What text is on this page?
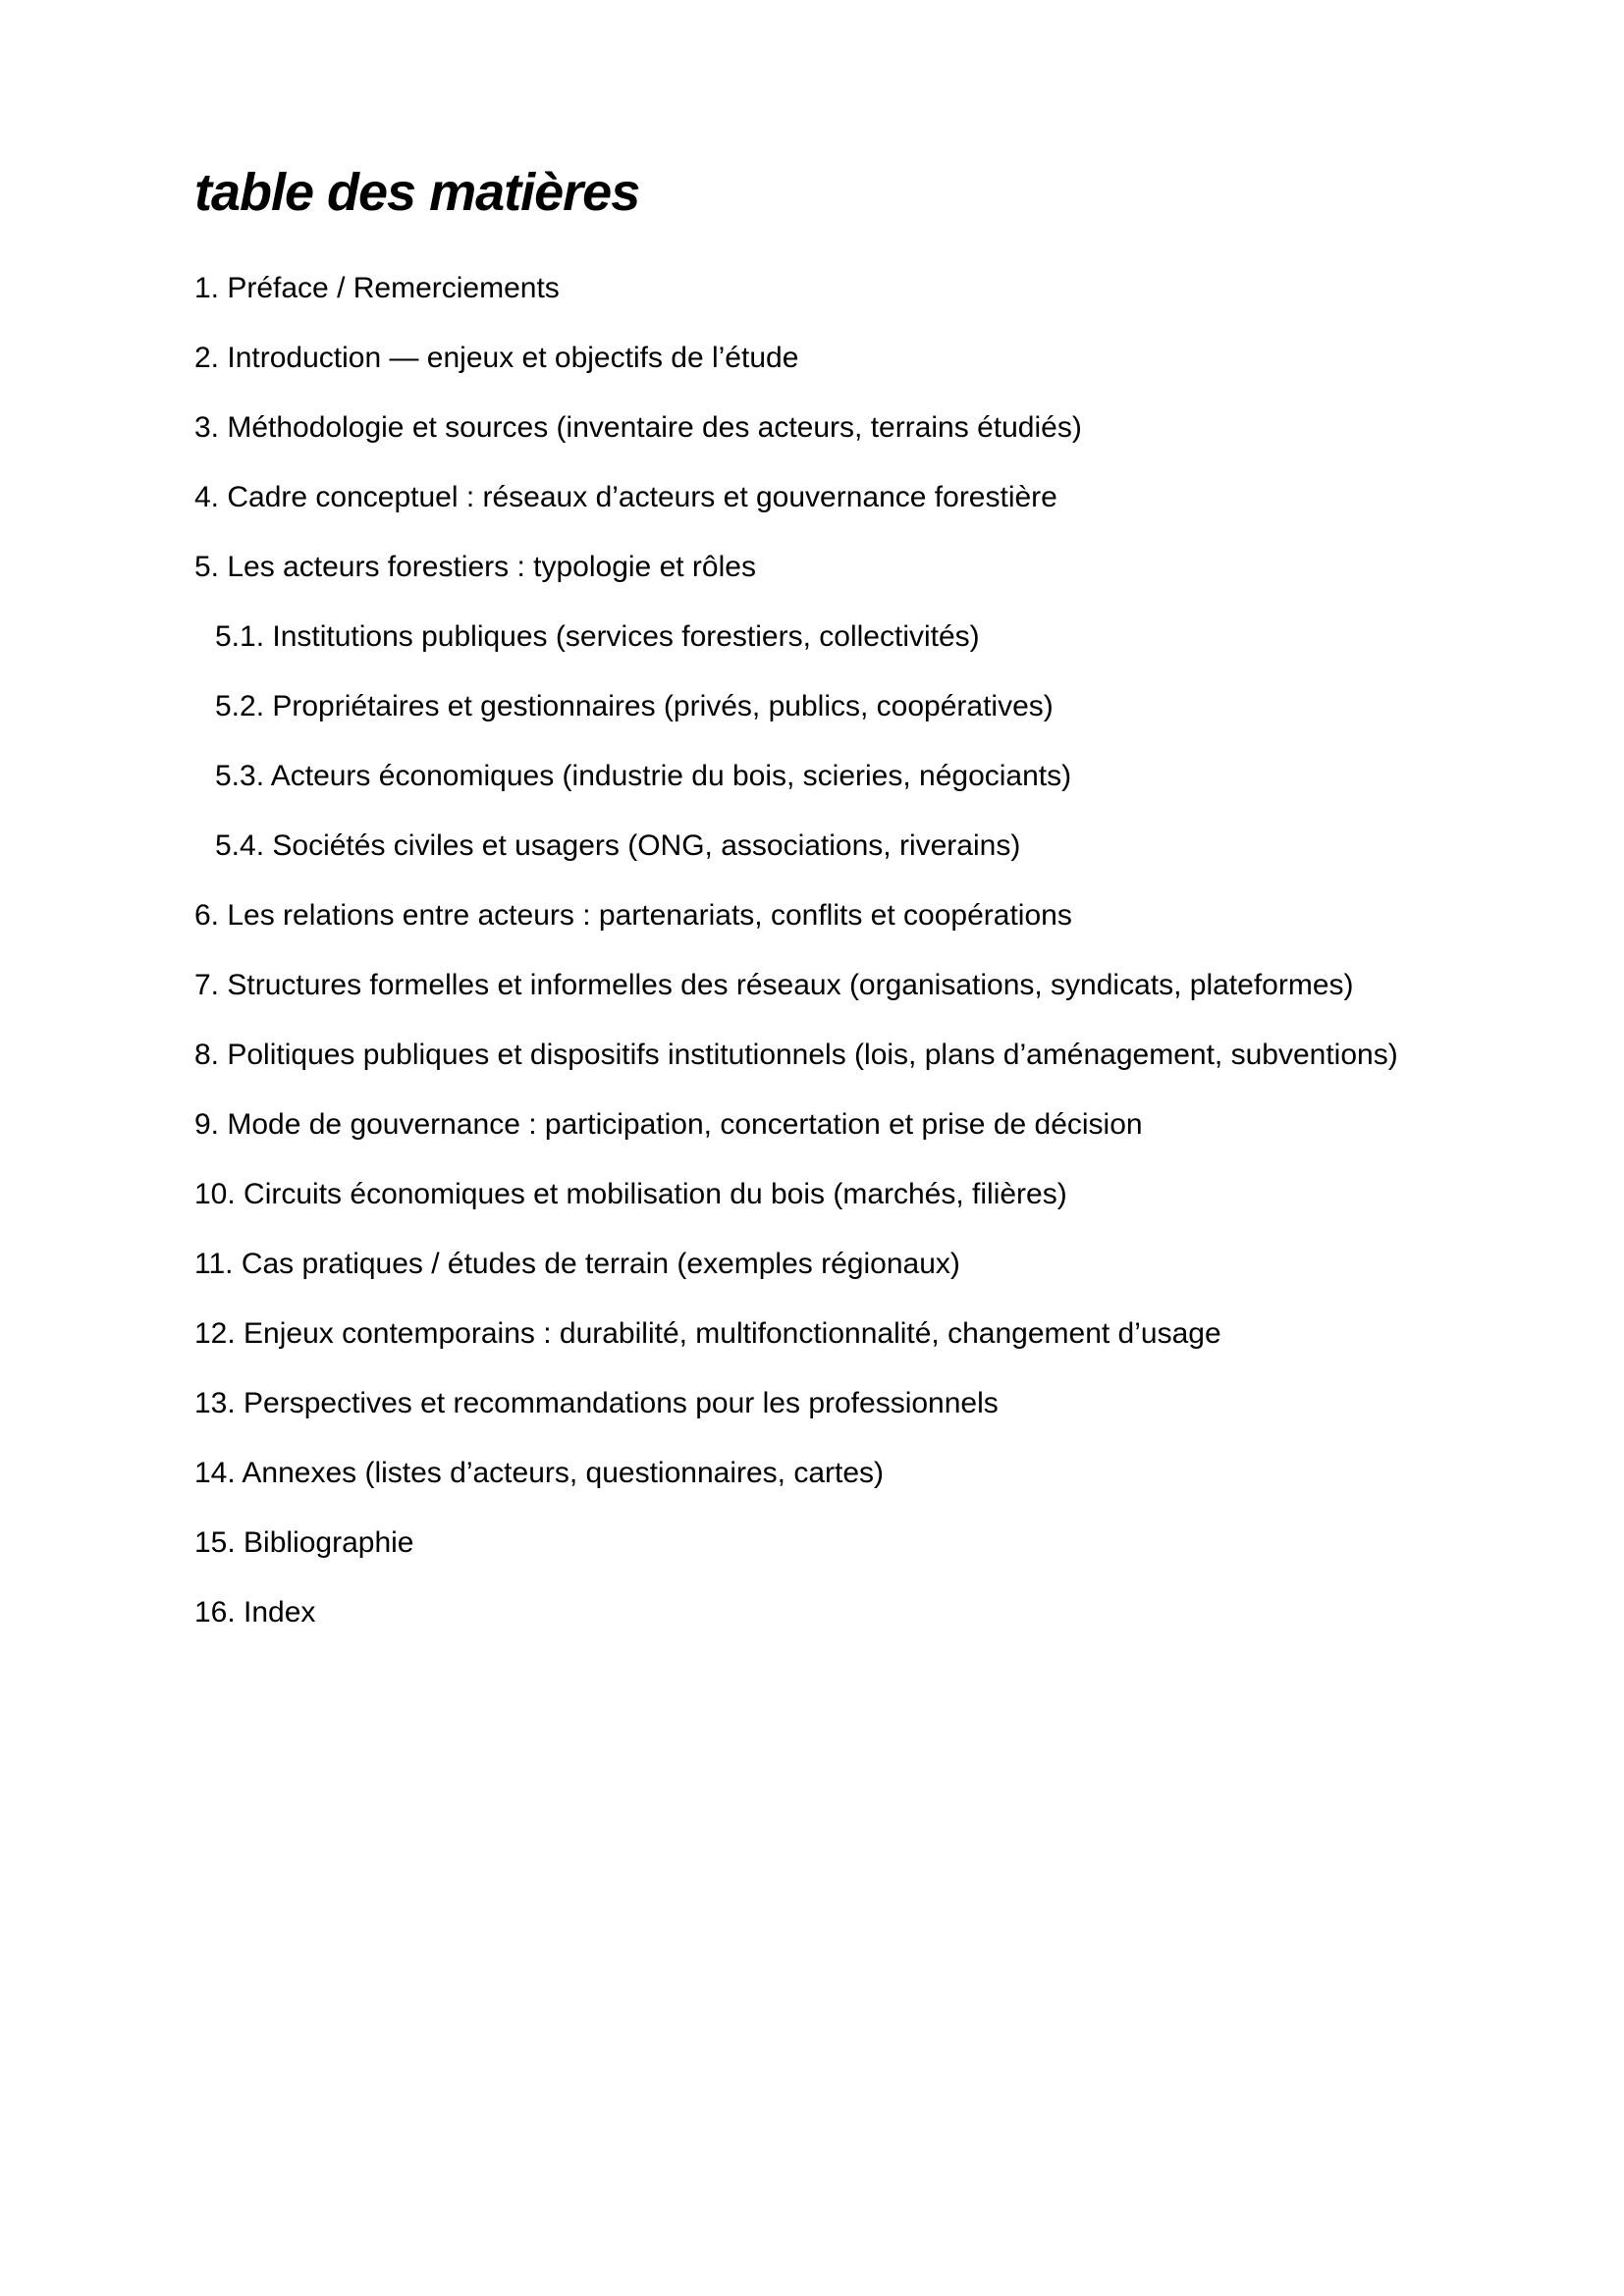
table des matières
1. Préface / Remerciements
2. Introduction — enjeux et objectifs de l’étude
3. Méthodologie et sources (inventaire des acteurs, terrains étudiés)
4. Cadre conceptuel : réseaux d’acteurs et gouvernance forestière
5. Les acteurs forestiers : typologie et rôles
5.1. Institutions publiques (services forestiers, collectivités)
5.2. Propriétaires et gestionnaires (privés, publics, coopératives)
5.3. Acteurs économiques (industrie du bois, scieries, négociants)
5.4. Sociétés civiles et usagers (ONG, associations, riverains)
6. Les relations entre acteurs : partenariats, conflits et coopérations
7. Structures formelles et informelles des réseaux (organisations, syndicats, plateformes)
8. Politiques publiques et dispositifs institutionnels (lois, plans d’aménagement, subventions)
9. Mode de gouvernance : participation, concertation et prise de décision
10. Circuits économiques et mobilisation du bois (marchés, filières)
11. Cas pratiques / études de terrain (exemples régionaux)
12. Enjeux contemporains : durabilité, multifonctionnalité, changement d’usage
13. Perspectives et recommandations pour les professionnels
14. Annexes (listes d’acteurs, questionnaires, cartes)
15. Bibliographie
16. Index
